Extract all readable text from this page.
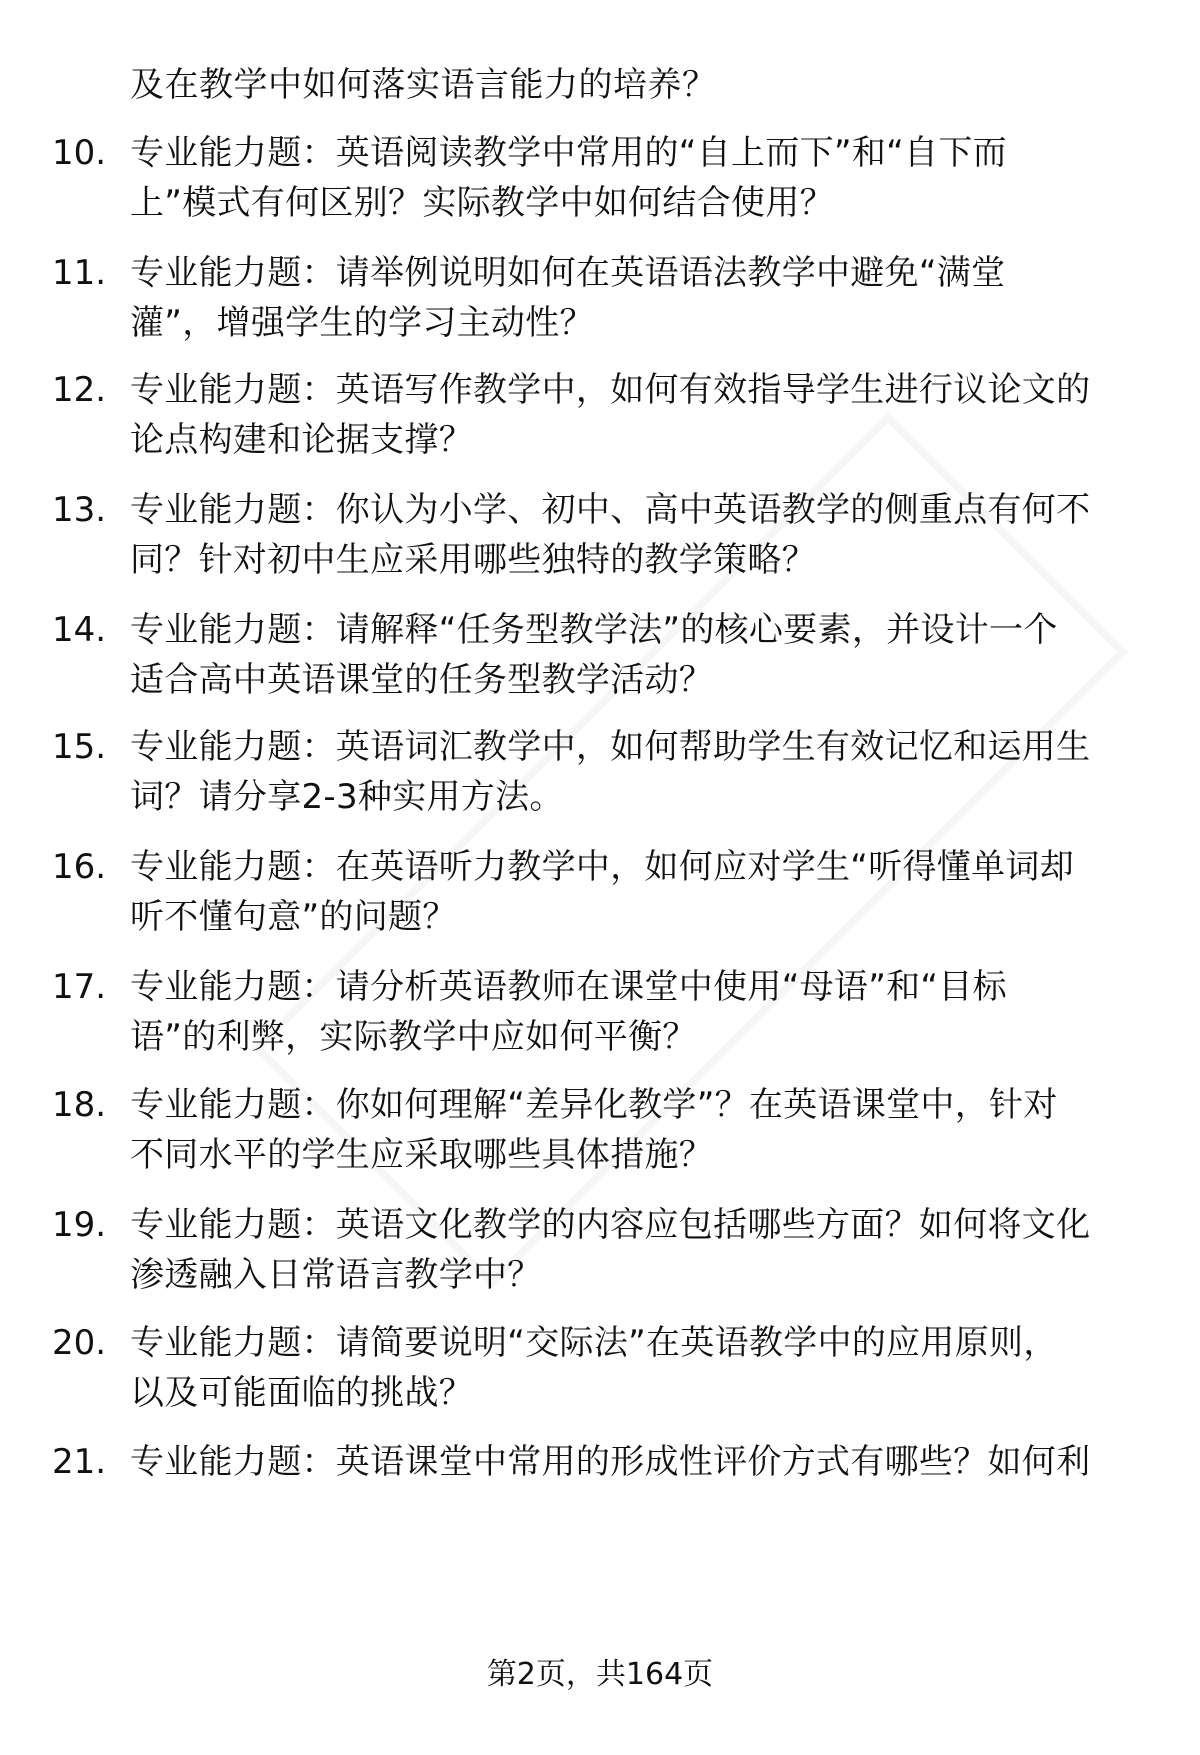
及在教学中如何落实语言能力的培养？
10. 专业能力题：英语阅读教学中常用的“自上而下”和“自下而
上”模式有何区别？实际教学中如何结合使用？
11. 专业能力题：请举例说明如何在英语语法教学中避免“满堂
灌”，增强学生的学习主动性？
12. 专业能力题：英语写作教学中，如何有效指导学生进行议论文的
论点构建和论据支撑？
13. 专业能力题：你认为小学、初中、高中英语教学的侧重点有何不
同？针对初中生应采用哪些独特的教学策略？
14. 专业能力题：请解释“任务型教学法”的核心要素，并设计一个
适合高中英语课堂的任务型教学活动？
15. 专业能力题：英语词汇教学中，如何帮助学生有效记忆和运用生
词？请分享2-3种实用方法。
16. 专业能力题：在英语听力教学中，如何应对学生“听得懂单词却
听不懂句意”的问题？
17. 专业能力题：请分析英语教师在课堂中使用“母语”和“目标
语”的利弊，实际教学中应如何平衡？
18. 专业能力题：你如何理解“差异化教学”？在英语课堂中，针对
不同水平的学生应采取哪些具体措施？
19. 专业能力题：英语文化教学的内容应包括哪些方面？如何将文化
渗透融入日常语言教学中？
20. 专业能力题：请简要说明“交际法”在英语教学中的应用原则，
以及可能面临的挑战？
21. 专业能力题：英语课堂中常用的形成性评价方式有哪些？如何利
第2页，共164页
